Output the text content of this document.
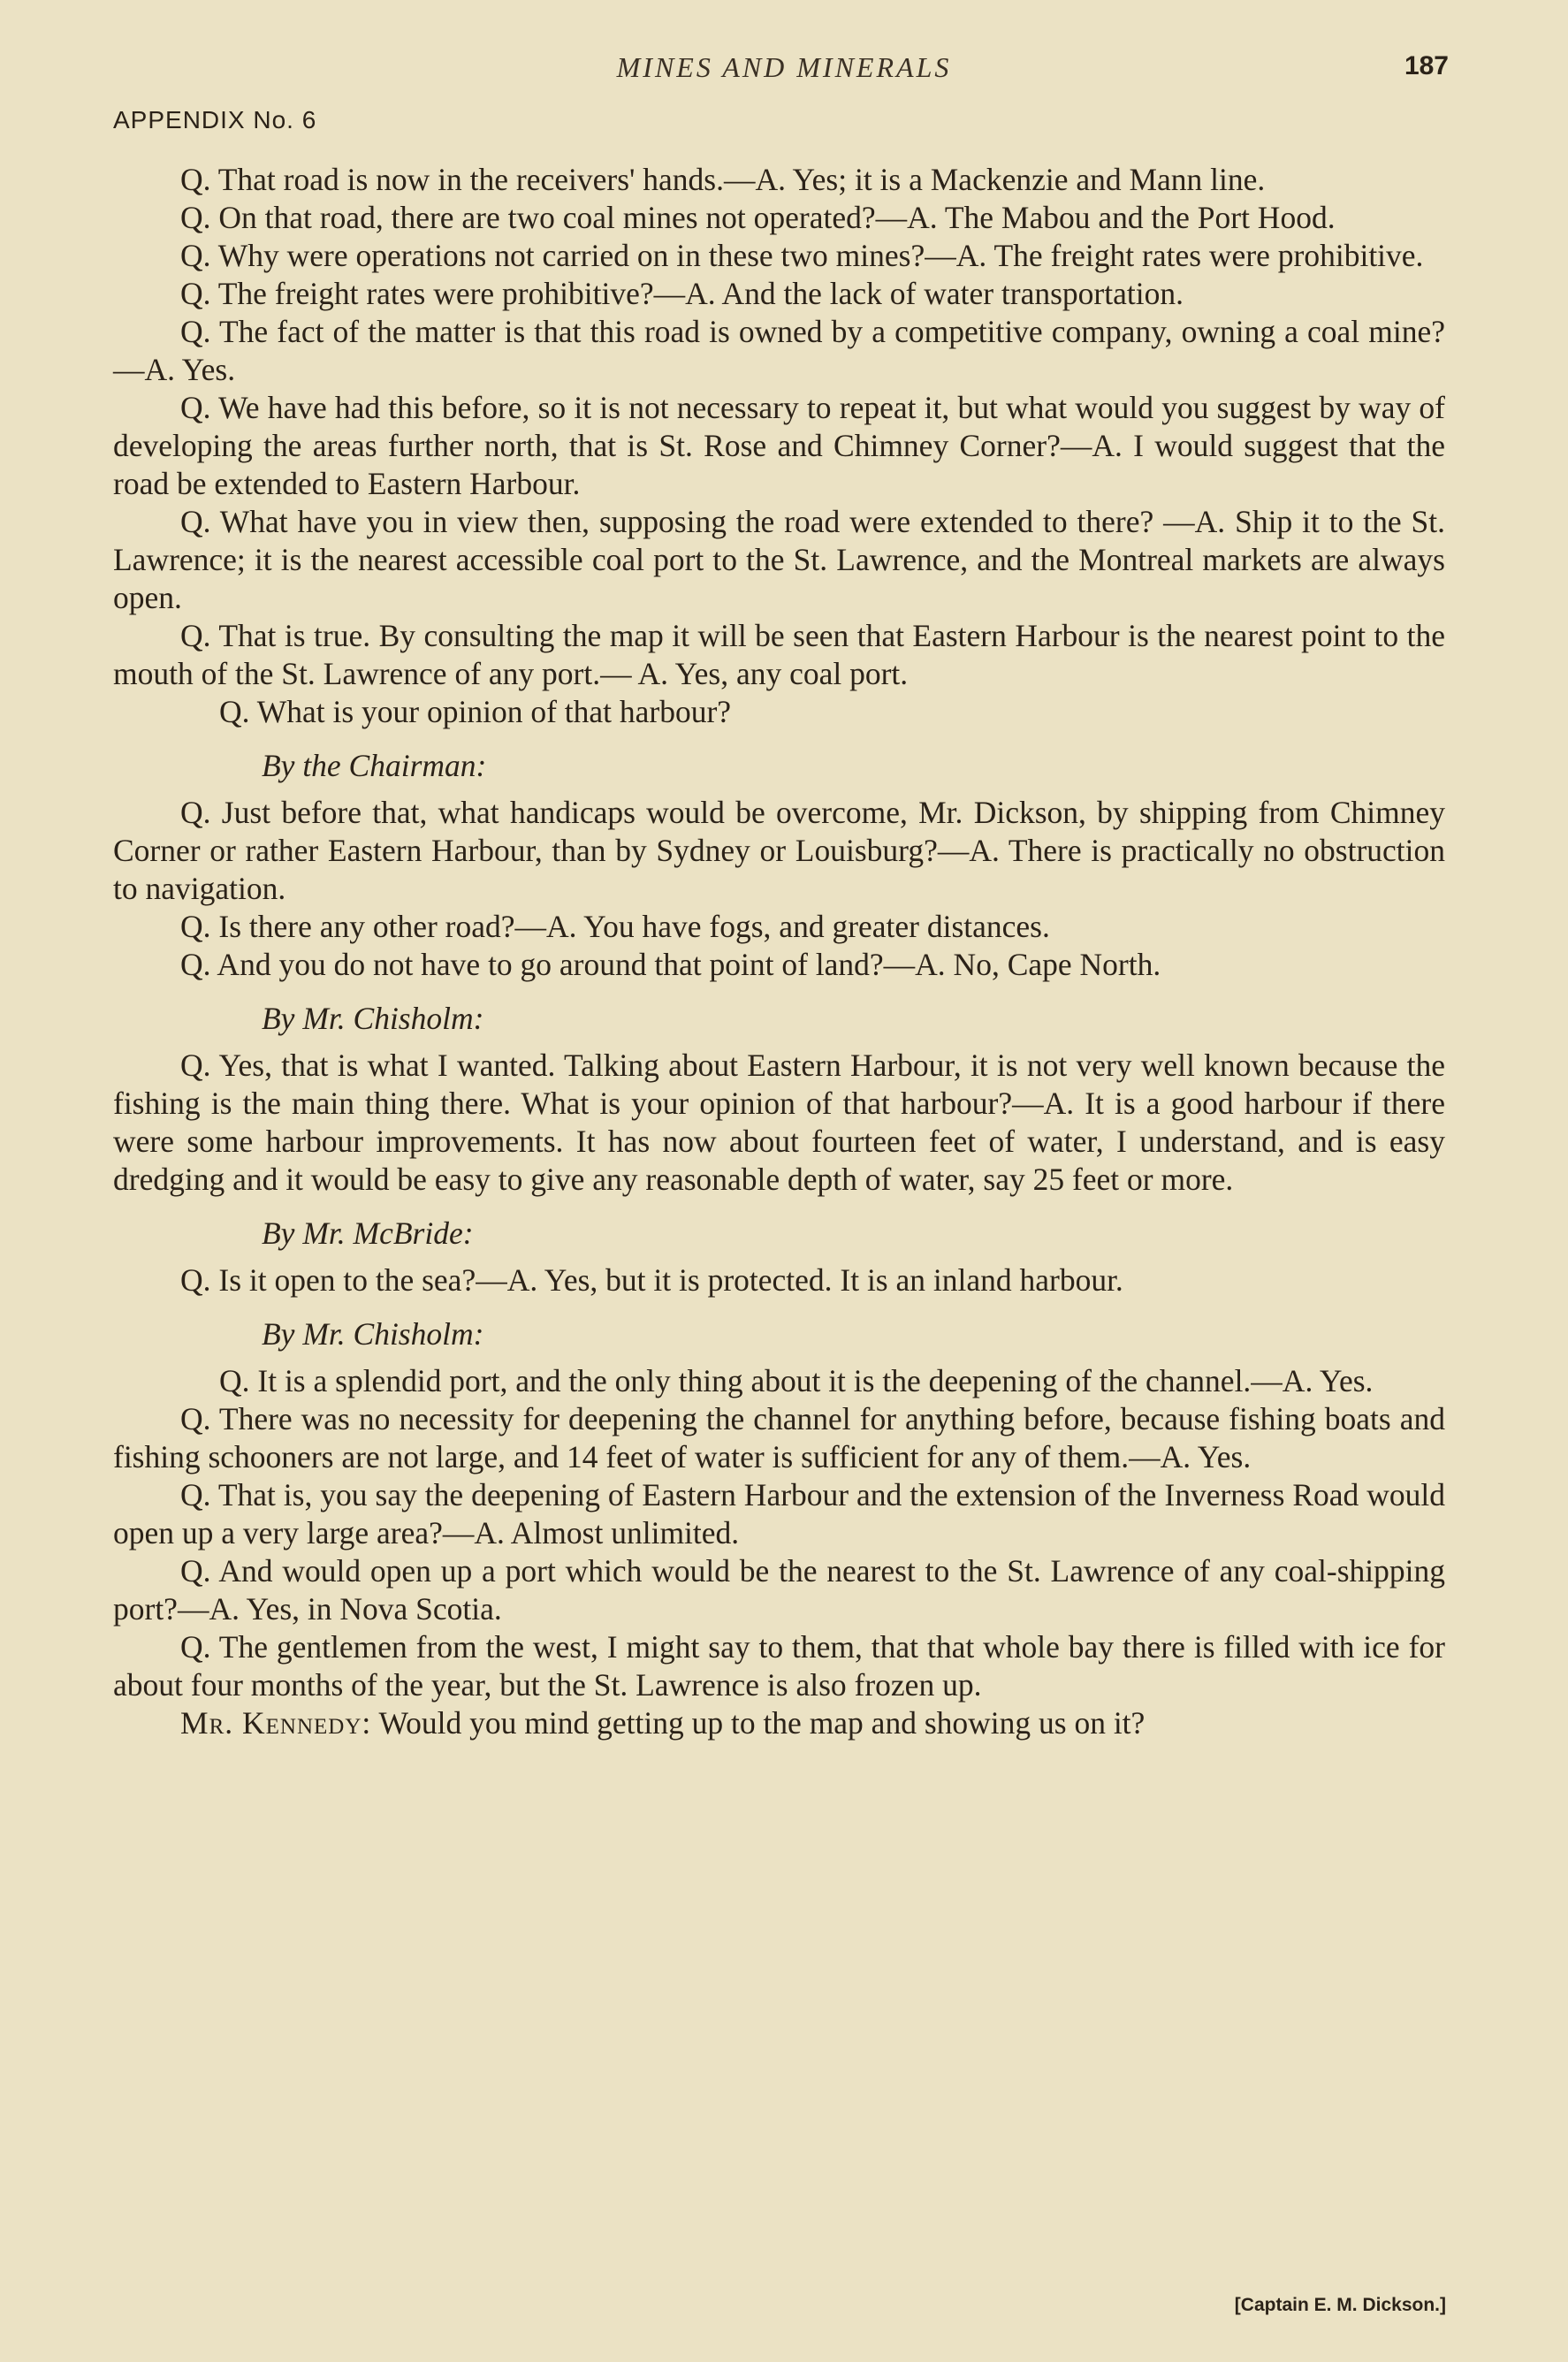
MINES AND MINERALS	187
APPENDIX No. 6

Q. That road is now in the receivers' hands.—A. Yes; it is a Mackenzie and Mann line.

Q. On that road, there are two coal mines not operated?—A. The Mabou and the Port Hood.

Q. Why were operations not carried on in these two mines?—A. The freight rates were prohibitive.

Q. The freight rates were prohibitive?—A. And the lack of water transportation.

Q. The fact of the matter is that this road is owned by a competitive company, owning a coal mine?—A. Yes.

Q. We have had this before, so it is not necessary to repeat it, but what would you suggest by way of developing the areas further north, that is St. Rose and Chimney Corner?—A. I would suggest that the road be extended to Eastern Harbour.

Q. What have you in view then, supposing the road were extended to there? —A. Ship it to the St. Lawrence; it is the nearest accessible coal port to the St. Lawrence, and the Montreal markets are always open.

Q. That is true. By consulting the map it will be seen that Eastern Harbour is the nearest point to the mouth of the St. Lawrence of any port.— A. Yes, any coal port.

Q. What is your opinion of that harbour?

By the Chairman:

Q. Just before that, what handicaps would be overcome, Mr. Dickson, by shipping from Chimney Corner or rather Eastern Harbour, than by Sydney or Louisburg?—A. There is practically no obstruction to navigation.

Q. Is there any other road?—A. You have fogs, and greater distances.

Q. And you do not have to go around that point of land?—A. No, Cape North.

By Mr. Chisholm:

Q. Yes, that is what I wanted. Talking about Eastern Harbour, it is not very well known because the fishing is the main thing there. What is your opinion of that harbour?—A. It is a good harbour if there were some harbour improvements. It has now about fourteen feet of water, I understand, and is easy dredging and it would be easy to give any reasonable depth of water, say 25 feet or more.

By Mr. McBride:

Q. Is it open to the sea?—A. Yes, but it is protected. It is an inland harbour.

By Mr. Chisholm:

Q. It is a splendid port, and the only thing about it is the deepening of the channel.—A. Yes.

Q. There was no necessity for deepening the channel for anything before, because fishing boats and fishing schooners are not large, and 14 feet of water is sufficient for any of them.—A. Yes.

Q. That is, you say the deepening of Eastern Harbour and the extension of the Inverness Road would open up a very large area?—A. Almost unlimited.

Q. And would open up a port which would be the nearest to the St. Lawrence of any coal-shipping port?—A. Yes, in Nova Scotia.

Q. The gentlemen from the west, I might say to them, that that whole bay there is filled with ice for about four months of the year, but the St. Lawrence is also frozen up.

Mr. Kennedy: Would you mind getting up to the map and showing us on it?

[Captain E. M. Dickson.]
